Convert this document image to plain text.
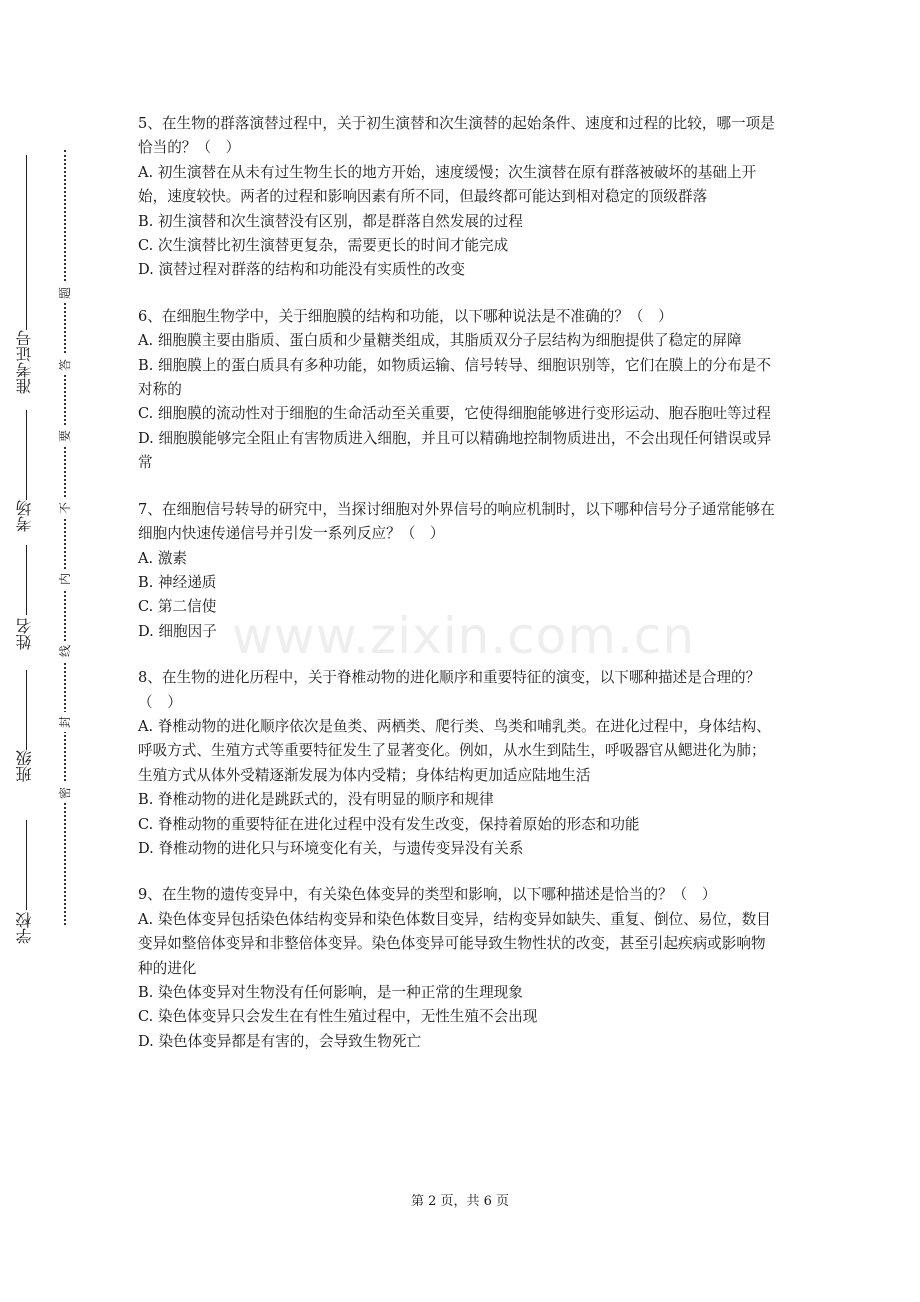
准考证号
考场
姓名
班级
学校
题
答
要
不
内
线
封
密
www.zixin.com.cn

5、在生物的群落演替过程中，关于初生演替和次生演替的起始条件、速度和过程的比较，哪一项是恰当的？（　）

A. 初生演替在从未有过生物生长的地方开始，速度缓慢；次生演替在原有群落被破坏的基础上开始，速度较快。两者的过程和影响因素有所不同，但最终都可能达到相对稳定的顶级群落

B. 初生演替和次生演替没有区别，都是群落自然发展的过程

C. 次生演替比初生演替更复杂，需要更长的时间才能完成

D. 演替过程对群落的结构和功能没有实质性的改变

6、在细胞生物学中，关于细胞膜的结构和功能，以下哪种说法是不准确的？（　）

A. 细胞膜主要由脂质、蛋白质和少量糖类组成，其脂质双分子层结构为细胞提供了稳定的屏障

B. 细胞膜上的蛋白质具有多种功能，如物质运输、信号转导、细胞识别等，它们在膜上的分布是不对称的

C. 细胞膜的流动性对于细胞的生命活动至关重要，它使得细胞能够进行变形运动、胞吞胞吐等过程

D. 细胞膜能够完全阻止有害物质进入细胞，并且可以精确地控制物质进出，不会出现任何错误或异常

7、在细胞信号转导的研究中，当探讨细胞对外界信号的响应机制时，以下哪种信号分子通常能够在细胞内快速传递信号并引发一系列反应？（　）

A. 激素

B. 神经递质

C. 第二信使

D. 细胞因子

8、在生物的进化历程中，关于脊椎动物的进化顺序和重要特征的演变，以下哪种描述是合理的？（　）

A. 脊椎动物的进化顺序依次是鱼类、两栖类、爬行类、鸟类和哺乳类。在进化过程中，身体结构、呼吸方式、生殖方式等重要特征发生了显著变化。例如，从水生到陆生，呼吸器官从鳃进化为肺；生殖方式从体外受精逐渐发展为体内受精；身体结构更加适应陆地生活

B. 脊椎动物的进化是跳跃式的，没有明显的顺序和规律

C. 脊椎动物的重要特征在进化过程中没有发生改变，保持着原始的形态和功能

D. 脊椎动物的进化只与环境变化有关，与遗传变异没有关系

9、在生物的遗传变异中，有关染色体变异的类型和影响，以下哪种描述是恰当的？（　）

A. 染色体变异包括染色体结构变异和染色体数目变异，结构变异如缺失、重复、倒位、易位，数目变异如整倍体变异和非整倍体变异。染色体变异可能导致生物性状的改变，甚至引起疾病或影响物种的进化

B. 染色体变异对生物没有任何影响，是一种正常的生理现象

C. 染色体变异只会发生在有性生殖过程中，无性生殖不会出现

D. 染色体变异都是有害的，会导致生物死亡

第 2 页，共 6 页
